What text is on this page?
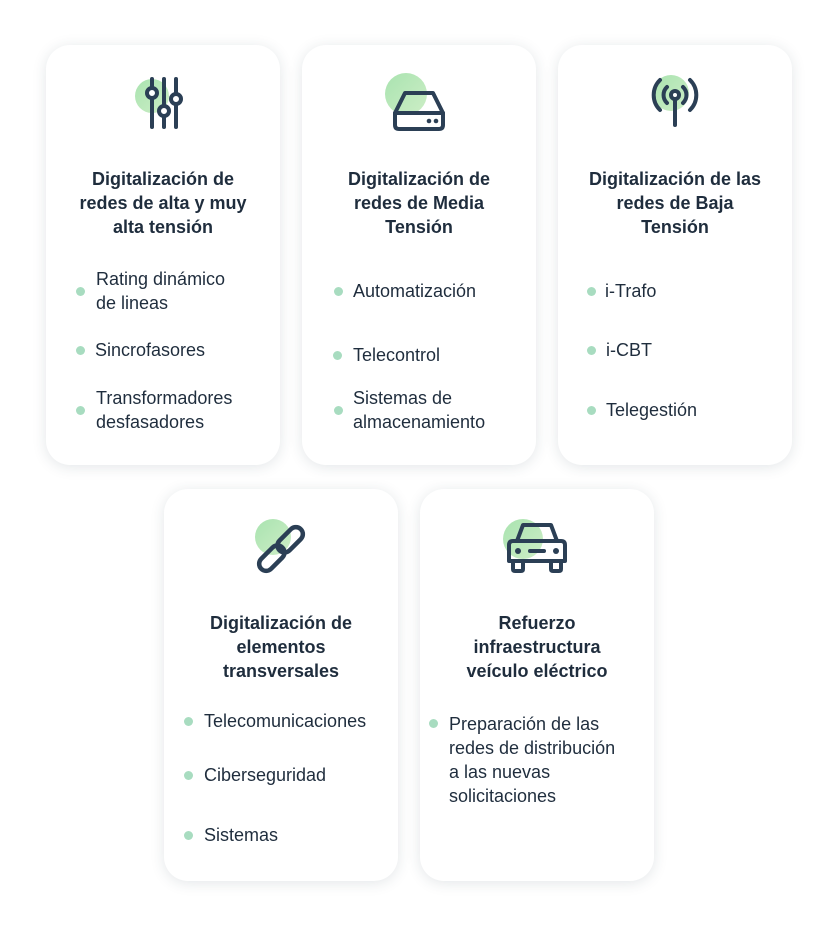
Digitalización de
redes de alta y muy
alta tensión
Rating dinámico
de lineas
Sincrofasores
Transformadores
desfasadores
Digitalización de
redes de Media
Tensión
Automatización
Telecontrol
Sistemas de
almacenamiento
Digitalización de las
redes de Baja
Tensión
i-Trafo
i-CBT
Telegestión
Digitalización de
elementos
transversales
Telecomunicaciones
Ciberseguridad
Sistemas
Refuerzo
infraestructura
veículo eléctrico
Preparación de las
redes de distribución
a las nuevas
solicitaciones
